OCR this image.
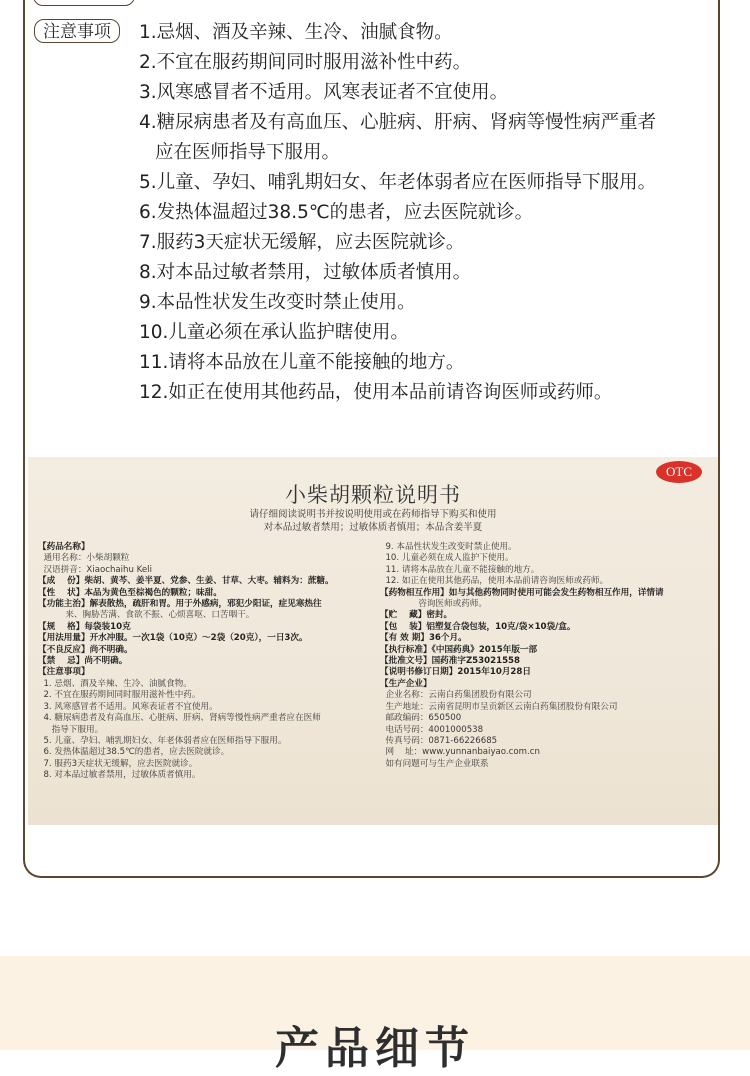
注意事项	1.忌烟、酒及辛辣、生冷、油腻食物。
2.不宜在服药期间同时服用滋补性中药。
3.风寒感冒者不适用。风寒表证者不宜使用。
4.糖尿病患者及有高血压、心脏病、肝病、肾病等慢性病严重者
应在医师指导下服用。
5.儿童、孕妇、哺乳期妇女、年老体弱者应在医师指导下服用。
6.发热体温超过38.5℃的患者，应去医院就诊。
7.服药3天症状无缓解，应去医院就诊。
8.对本品过敏者禁用，过敏体质者慎用。
9.本品性状发生改变时禁止使用。
10.儿童必须在承认监护瞎使用。
11.请将本品放在儿童不能接触的地方。
12.如正在使用其他药品，使用本品前请咨询医师或药师。
OTC
小柴胡颗粒说明书
请仔细阅读说明书并按说明使用或在药师指导下购买和使用
对本品过敏者禁用；过敏体质者慎用；本品含姜半夏
【药品名称】
通用名称：小柴胡颗粒
汉语拼音：Xiaochaihu Keli
【成    份】柴胡、黄芩、姜半夏、党参、生姜、甘草、大枣。辅料为：蔗糖。
【性    状】本品为黄色至棕褐色的颗粒；味甜。
【功能主治】解表散热，疏肝和胃。用于外感病，邪犯少阳证，症见寒热往
来、胸胁苦满、食欲不振、心烦喜呕、口苦咽干。
【规    格】每袋装10克
【用法用量】开水冲服。一次1袋（10克）～2袋（20克），一日3次。
【不良反应】尚不明确。
【禁    忌】尚不明确。
【注意事项】
1. 忌烟、酒及辛辣、生冷、油腻食物。
2. 不宜在服药期间同时服用滋补性中药。
3. 风寒感冒者不适用。风寒表证者不宜使用。
4. 糖尿病患者及有高血压、心脏病、肝病、肾病等慢性病严重者应在医师
指导下服用。
5. 儿童、孕妇、哺乳期妇女、年老体弱者应在医师指导下服用。
6. 发热体温超过38.5℃的患者，应去医院就诊。
7. 服药3天症状无缓解，应去医院就诊。
8. 对本品过敏者禁用，过敏体质者慎用。
9. 本品性状发生改变时禁止使用。
10. 儿童必须在成人监护下使用。
11. 请将本品放在儿童不能接触的地方。
12. 如正在使用其他药品，使用本品前请咨询医师或药师。
【药物相互作用】如与其他药物同时使用可能会发生药物相互作用，详情请
咨询医师或药师。
【贮    藏】密封。
【包    装】铝塑复合袋包装，10克/袋×10袋/盒。
【有 效 期】36个月。
【执行标准】《中国药典》2015年版一部
【批准文号】国药准字Z53021558
【说明书修订日期】2015年10月28日
【生产企业】
企业名称：云南白药集团股份有限公司
生产地址：云南省昆明市呈贡新区云南白药集团股份有限公司
邮政编码：650500
电话号码：4001000538
传真号码：0871-66226685
网    址：www.yunnanbaiyao.com.cn
如有问题可与生产企业联系
产品细节
